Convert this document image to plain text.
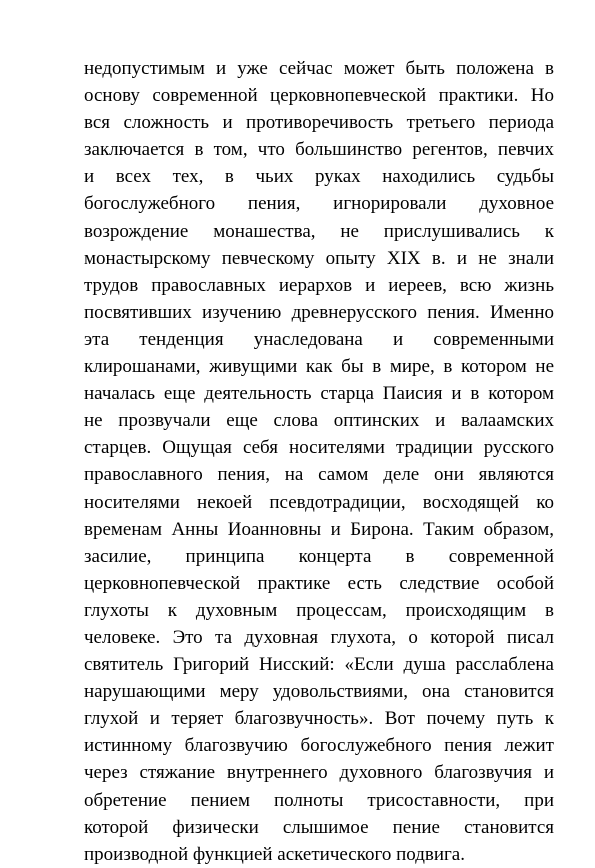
недопустимым и уже сейчас может быть положена в
основу современной церковнопевческой практики. Но
вся сложность и противоречивость третьего периода
заключается в том, что большинство регентов, певчих
и всех тех, в чьих руках находились судьбы
богослужебного пения, игнорировали духовное
возрождение монашества, не прислушивались к
монастырскому певческому опыту XIX в. и не знали
трудов православных иерархов и иереев, всю жизнь
посвятивших изучению древнерусского пения. Именно
эта тенденция унаследована и современными
клирошанами, живущими как бы в мире, в котором не
началась еще деятельность старца Паисия и в котором
не прозвучали еще слова оптинских и валаамских
старцев. Ощущая себя носителями традиции русского
православного пения, на самом деле они являются
носителями некоей псевдотрадиции, восходящей ко
временам Анны Иоанновны и Бирона. Таким образом,
засилие, принципа концерта в современной
церковнопевческой практике есть следствие особой
глухоты к духовным процессам, происходящим в
человеке. Это та духовная глухота, о которой писал
святитель Григорий Нисский: «Если душа расслаблена
нарушающими меру удовольствиями, она становится
глухой и теряет благозвучность». Вот почему путь к
истинному благозвучию богослужебного пения лежит
через стяжание внутреннего духовного благозвучия и
обретение пением полноты трисоставности, при
которой физически слышимое пение становится
производной функцией аскетического подвига.
